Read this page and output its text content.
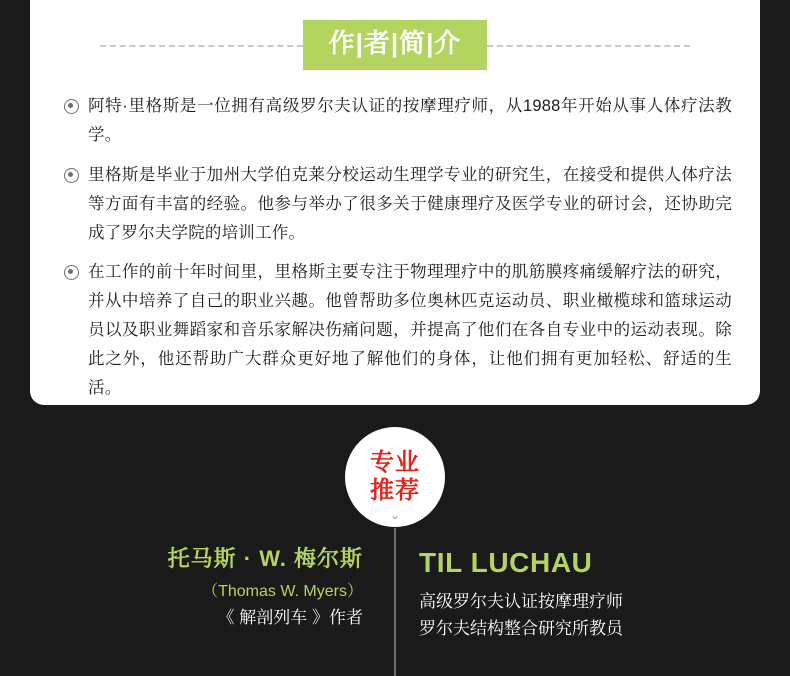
作|者|简|介
阿特·里格斯是一位拥有高级罗尔夫认证的按摩理疗师，从1988年开始从事人体疗法教学。
里格斯是毕业于加州大学伯克莱分校运动生理学专业的研究生，在接受和提供人体疗法等方面有丰富的经验。他参与举办了很多关于健康理疗及医学专业的研讨会，还协助完成了罗尔夫学院的培训工作。
在工作的前十年时间里，里格斯主要专注于物理理疗中的肌筋膜疼痛缓解疗法的研究，并从中培养了自己的职业兴趣。他曾帮助多位奥林匹克运动员、职业橄榄球和篮球运动员以及职业舞蹈家和音乐家解决伤痛问题，并提高了他们在各自专业中的运动表现。除此之外，他还帮助广大群众更好地了解他们的身体，让他们拥有更加轻松、舒适的生活。
专业
推荐
⌄
托马斯 · W. 梅尔斯
（Thomas W. Myers）
《 解剖列车 》作者
TIL LUCHAU
高级罗尔夫认证按摩理疗师
罗尔夫结构整合研究所教员
